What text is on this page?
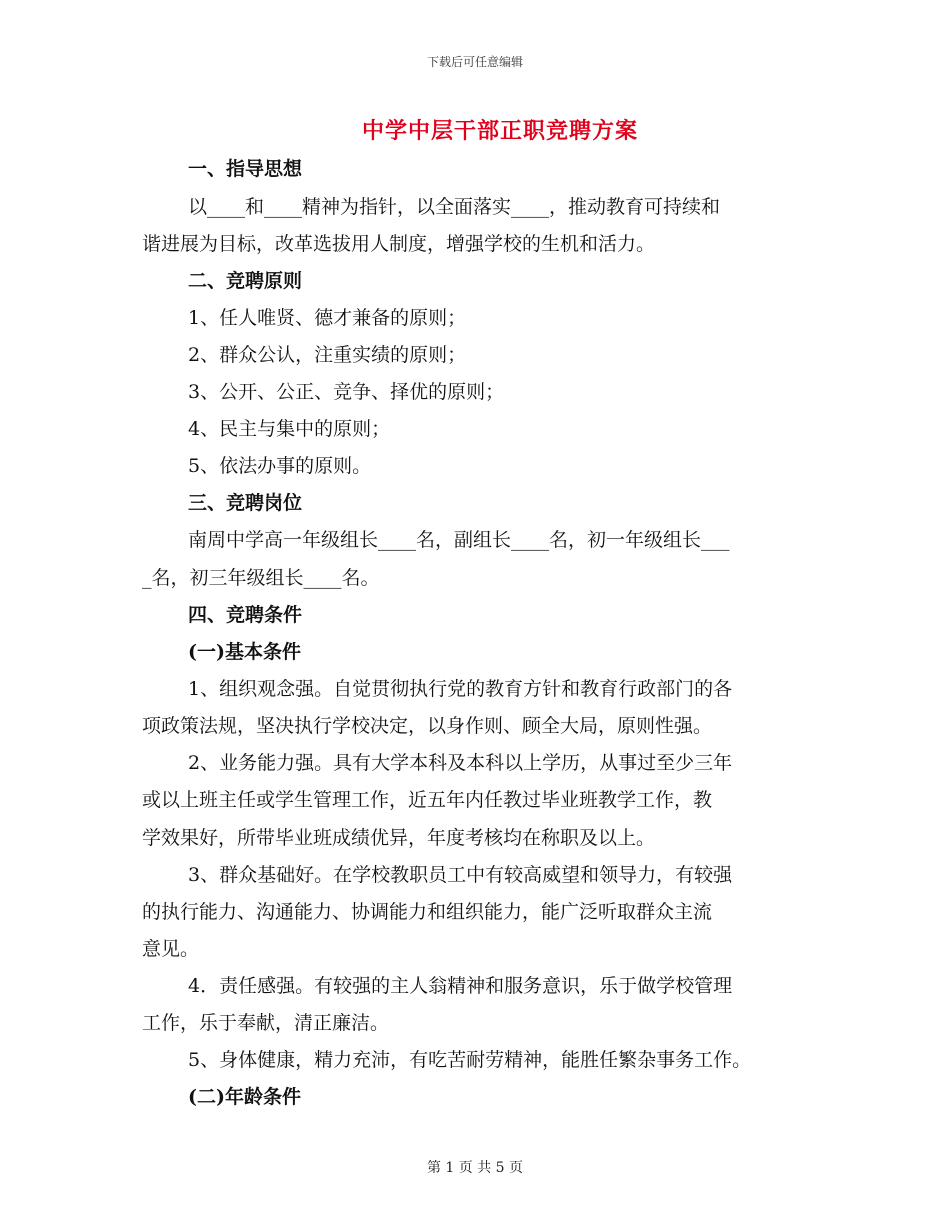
下载后可任意编辑
中学中层干部正职竞聘方案
一、指导思想
以____和____精神为指针，以全面落实____，推动教育可持续和
谐进展为目标，改革选拔用人制度，增强学校的生机和活力。
二、竞聘原则
1、任人唯贤、德才兼备的原则；
2、群众公认，注重实绩的原则；
3、公开、公正、竞争、择优的原则；
4、民主与集中的原则；
5、依法办事的原则。
三、竞聘岗位
南周中学高一年级组长____名，副组长____名，初一年级组长___
_名，初三年级组长____名。
四、竞聘条件
(一)基本条件
1、组织观念强。自觉贯彻执行党的教育方针和教育行政部门的各
项政策法规，坚决执行学校决定，以身作则、顾全大局，原则性强。
2、业务能力强。具有大学本科及本科以上学历，从事过至少三年
或以上班主任或学生管理工作，近五年内任教过毕业班教学工作，教
学效果好，所带毕业班成绩优异，年度考核均在称职及以上。
3、群众基础好。在学校教职员工中有较高威望和领导力，有较强
的执行能力、沟通能力、协调能力和组织能力，能广泛听取群众主流
意见。
4．责任感强。有较强的主人翁精神和服务意识，乐于做学校管理
工作，乐于奉献，清正廉洁。
5、身体健康，精力充沛，有吃苦耐劳精神，能胜任繁杂事务工作。
(二)年龄条件
第 1 页 共 5 页
